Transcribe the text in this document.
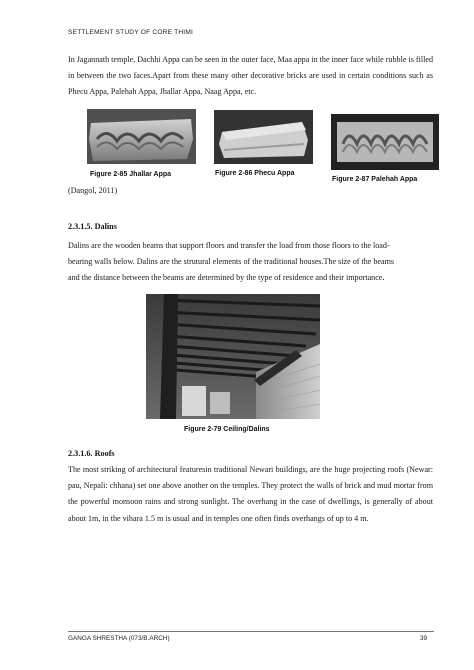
SETTLEMENT STUDY OF CORE THIMI
In Jagannath temple, Dachhi Appa can be seen in the outer face, Maa appa in the inner face while rubble is filled in between the two faces.Apart from these many other decorative bricks are used in certain conditions such as Phecu Appa, Palehah Appa, Jhallar Appa, Naag Appa, etc.
Figure 2-85 Jhallar Appa	Figure 2-86 Phecu Appa
Figure 2-87 Palehah Appa
(Dangol, 2011)
2.3.1.5. Dalins
Dalins are the wooden beams that support floors and transfer the load from those floors to the load-
bearing walls below. Dalins are the strutural elements of the traditional houses.The size of the beams
and the distance between the beams are determined by the type of residence and their importance.
Figure 2-79 Ceiling/Dalins
2.3.1.6. Roofs
The most striking of architectural featuresin traditional Newari buildings, are the huge projecting roofs (Newar: pau, Nepali: chhana) set one above another on the temples. They protect the walls of brick and mud mortar from the powerful monsoon rains and strong sunlight. The overhang in the case of dwellings, is generally of about about 1m, in the vihara 1.5 m is usual and in temples one often finds overhangs of up to 4 m.
GANGA SHRESTHA (073/B.ARCH)	39
